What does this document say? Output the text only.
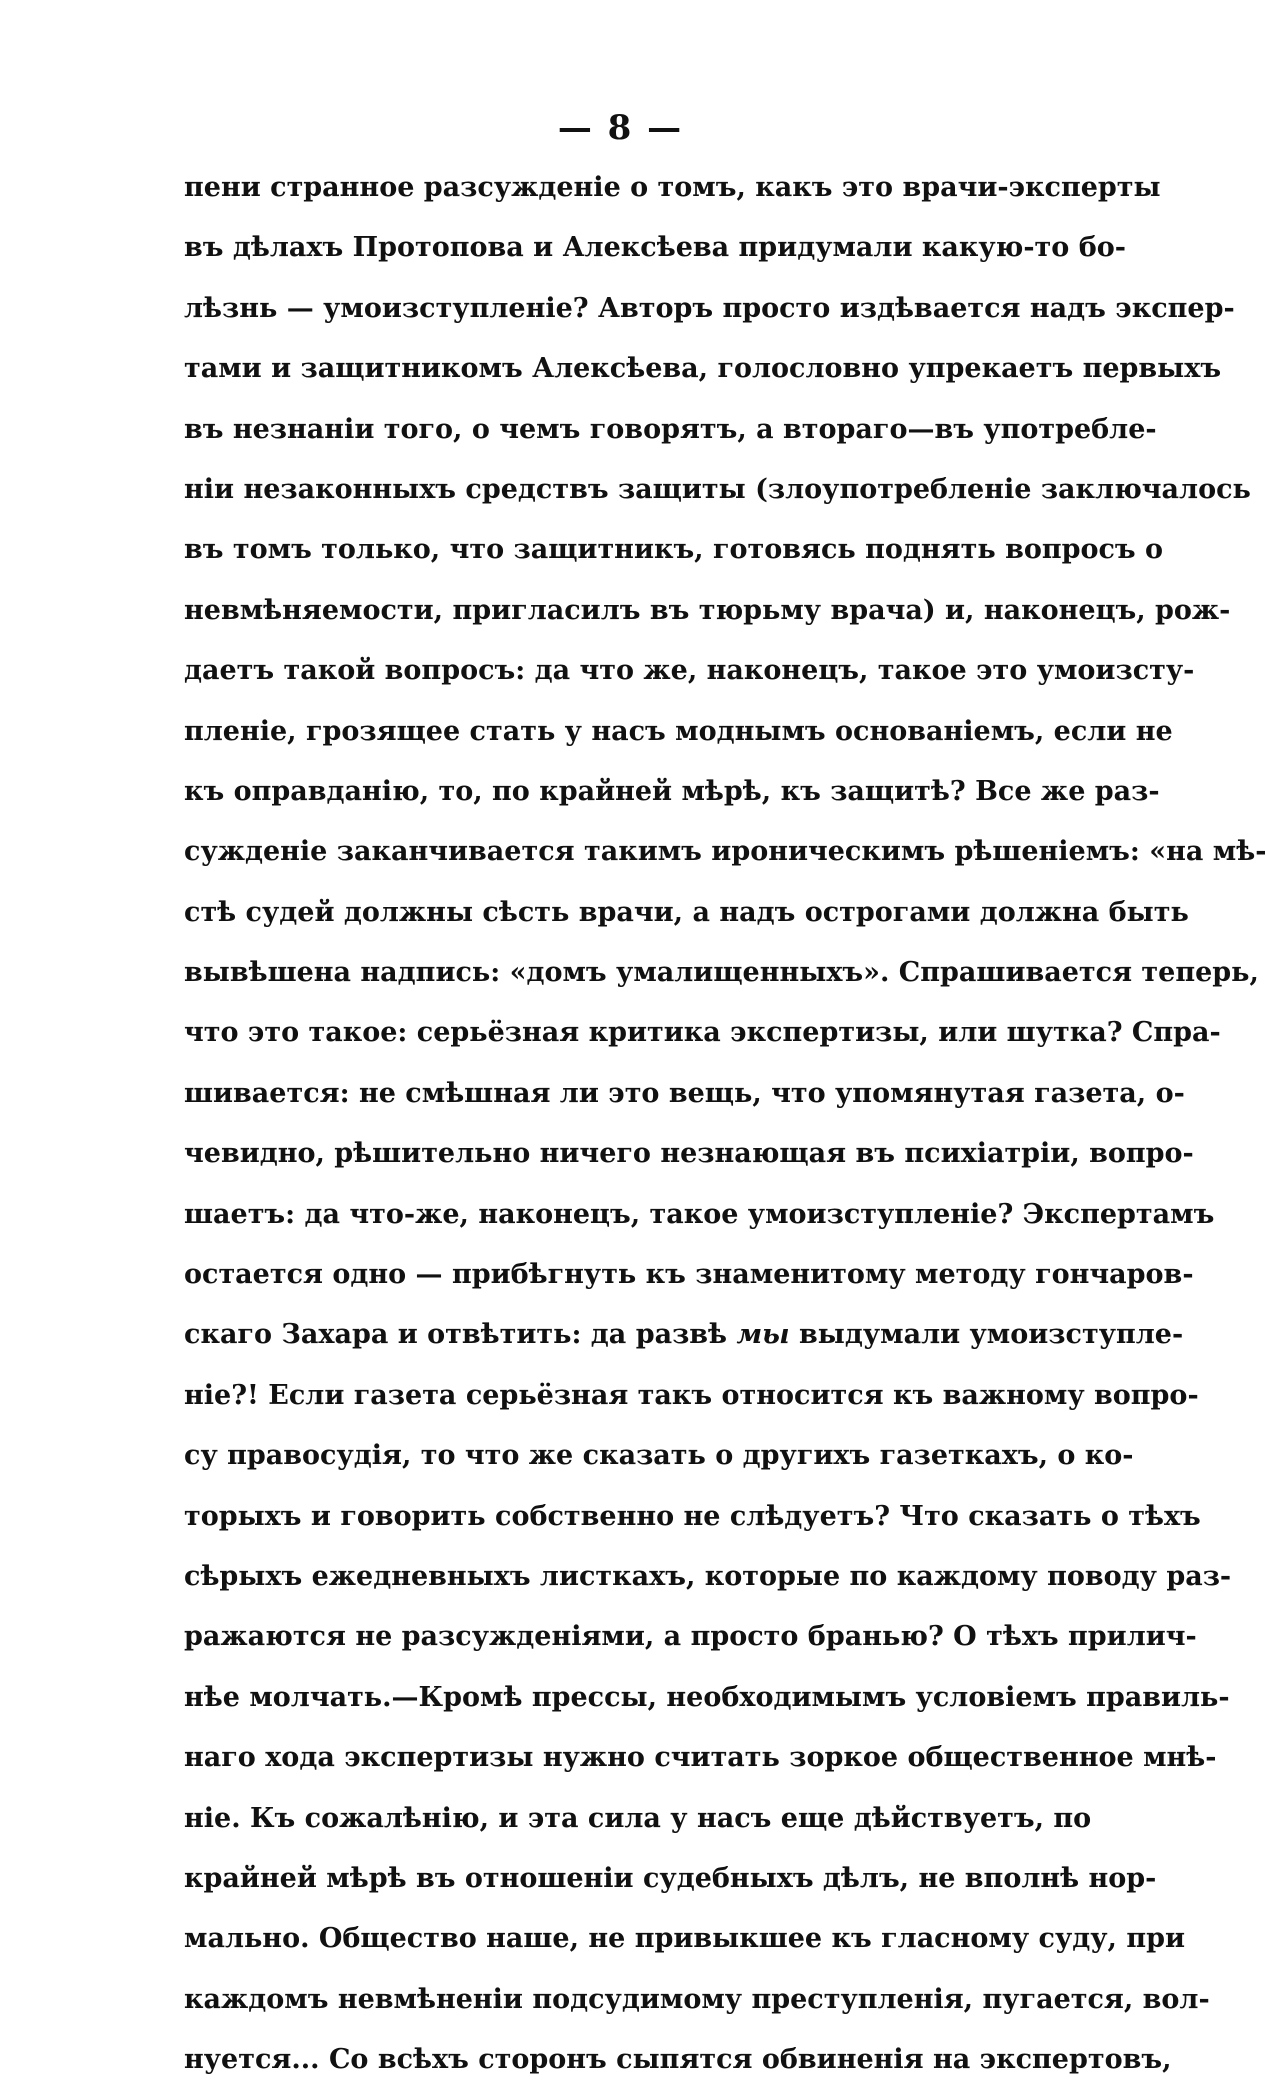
— 8 —
пени странное разсужденіе о томъ, какъ это врачи-эксперты
въ дѣлахъ Протопова и Алексѣева придумали какую-то бо-
лѣзнь — умоизступленіе? Авторъ просто издѣвается надъ экспер-
тами и защитникомъ Алексѣева, голословно упрекаетъ первыхъ
въ незнаніи того, о чемъ говорятъ, а втораго—въ употребле-
ніи незаконныхъ средствъ защиты (злоупотребленіе заключалось
въ томъ только, что защитникъ, готовясь поднять вопросъ о
невмѣняемости, пригласилъ въ тюрьму врача) и, наконецъ, рож-
даетъ такой вопросъ: да что же, наконецъ, такое это умоизсту-
пленіе, грозящее стать у насъ моднымъ основаніемъ, если не
къ оправданію, то, по крайней мѣрѣ, къ защитѣ? Все же раз-
сужденіе заканчивается такимъ ироническимъ рѣшеніемъ: «на мѣ-
стѣ судей должны сѣсть врачи, а надъ острогами должна быть
вывѣшена надпись: «домъ умалищенныхъ». Спрашивается теперь,
что это такое: серьёзная критика экспертизы, или шутка? Спра-
шивается: не смѣшная ли это вещь, что упомянутая газета, о-
чевидно, рѣшительно ничего незнающая въ психіатріи, вопро-
шаетъ: да что-же, наконецъ, такое умоизступленіе? Экспертамъ
остается одно — прибѣгнуть къ знаменитому методу гончаров-
скаго Захара и отвѣтить: да развѣ мы выдумали умоизступле-
ніе?! Если газета серьёзная такъ относится къ важному вопро-
су правосудія, то что же сказать о другихъ газеткахъ, о ко-
торыхъ и говорить собственно не слѣдуетъ? Что сказать о тѣхъ
сѣрыхъ ежедневныхъ листкахъ, которые по каждому поводу раз-
ражаются не разсужденіями, а просто бранью? О тѣхъ прилич-
нѣе молчать.—Кромѣ прессы, необходимымъ условіемъ правиль-
наго хода экспертизы нужно считать зоркое общественное мнѣ-
ніе. Къ сожалѣнію, и эта сила у насъ еще дѣйствуетъ, по
крайней мѣрѣ въ отношеніи судебныхъ дѣлъ, не вполнѣ нор-
мально. Общество наше, не привыкшее къ гласному суду, при
каждомъ невмѣненіи подсудимому преступленія, пугается, вол-
нуется... Со всѣхъ сторонъ сыпятся обвиненія на экспертовъ,
